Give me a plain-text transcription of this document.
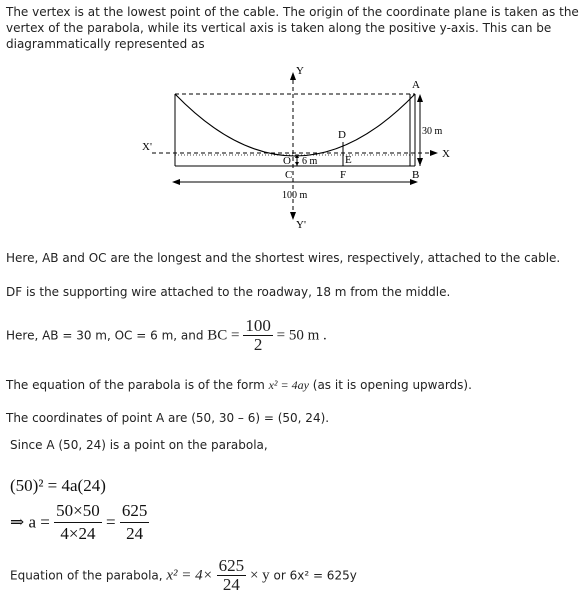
The vertex is at the lowest point of the cable. The origin of the coordinate plane is taken as the vertex of the parabola, while its vertical axis is taken along the positive y-axis. This can be diagrammatically represented as

Y
Y'
X'
X
A
B
C
D
E
F
O
30 m
6 m
100 m

Here, AB and OC are the longest and the shortest wires, respectively, attached to the cable.

DF is the supporting wire attached to the roadway, 18 m from the middle.

Here, AB = 30 m, OC = 6 m, and BC = $\frac{100}{2} = 50$ m .

The equation of the parabola is of the form x² = 4ay (as it is opening upwards).

The coordinates of point A are (50, 30 – 6) = (50, 24).

Since A (50, 24) is a point on the parabola,

(50)² = 4a(24)
⇒ $a = \frac{50\times 50}{4\times 24} = \frac{625}{24}$
Equation of the parabola, $x^2 = 4\times \frac{625}{24} \times y$ or 6x² = 625y
